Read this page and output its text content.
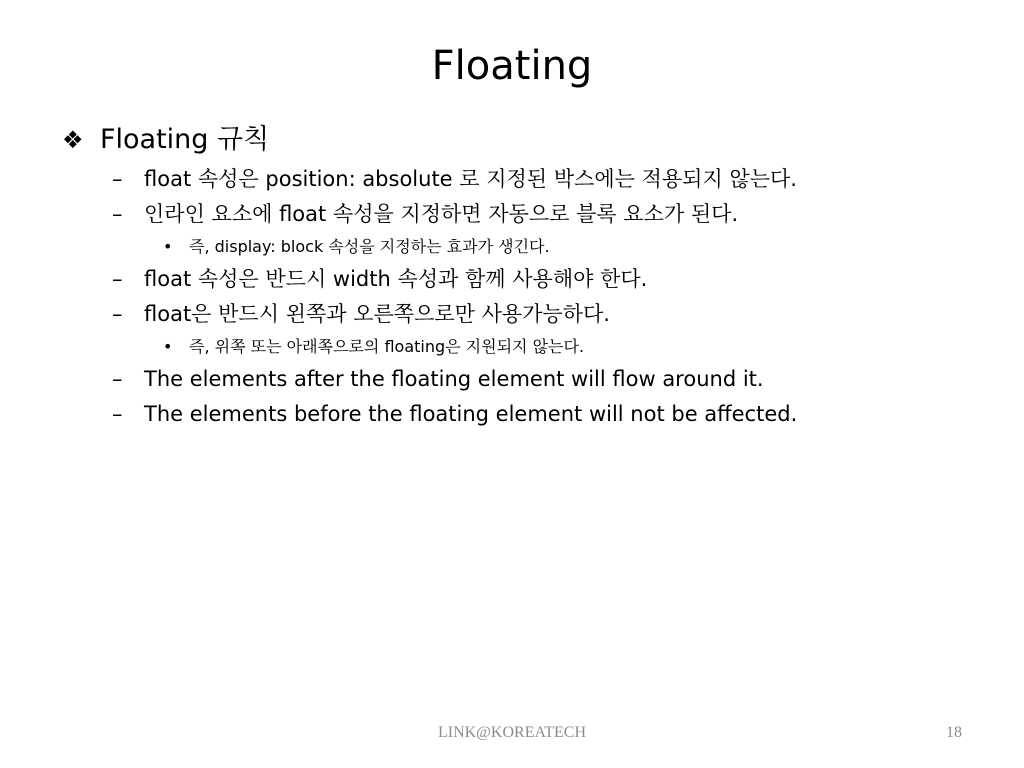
Floating
❖ Floating 규칙
– float 속성은 position: absolute 로 지정된 박스에는 적용되지 않는다.
– 인라인 요소에 float 속성을 지정하면 자동으로 블록 요소가 된다.
• 즉, display: block 속성을 지정하는 효과가 생긴다.
– float 속성은 반드시 width 속성과 함께 사용해야 한다.
– float은 반드시 왼쪽과 오른쪽으로만 사용가능하다.
• 즉, 위쪽 또는 아래쪽으로의 floating은 지원되지 않는다.
– The elements after the floating element will flow around it.
– The elements before the floating element will not be affected.
LINK@KOREATECH	18
